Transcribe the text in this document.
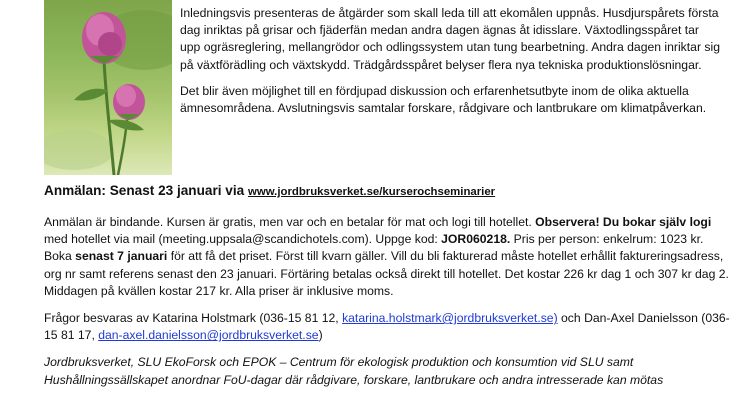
Inledningsvis presenteras de åtgärder som skall leda till att ekomålen uppnås. Husdjurspårets första dag inriktas på grisar och fjäderfän medan andra dagen ägnas åt idisslare. Växtodlingsspåret tar upp ogräsreglering, mellangrödor och odlingssystem utan tung bearbetning. Andra dagen inriktar sig på växtförädling och växtskydd. Trädgårdsspåret belyser flera nya tekniska produktionslösningar.

Det blir även möjlighet till en fördjupad diskussion och erfarenhetsutbyte inom de olika aktuella ämnesområdena. Avslutningsvis samtalar forskare, rådgivare och lantbrukare om klimatpåverkan.

Anmälan: Senast 23 januari via www.jordbruksverket.se/kurserochseminarier

Anmälan är bindande. Kursen är gratis, men var och en betalar för mat och logi till hotellet. Observera! Du bokar själv logi med hotellet via mail (meeting.uppsala@scandichotels.com). Uppge kod: JOR060218. Pris per person: enkelrum: 1023 kr. Boka senast 7 januari för att få det priset. Först till kvarn gäller. Vill du bli fakturerad måste hotellet erhållit faktureringsadress, org nr samt referens senast den 23 januari. Förtäring betalas också direkt till hotellet. Det kostar 226 kr dag 1 och 307 kr dag 2. Middagen på kvällen kostar 217 kr. Alla priser är inklusive moms.

Frågor besvaras av Katarina Holstmark (036-15 81 12, katarina.holstmark@jordbruksverket.se) och Dan-Axel Danielsson (036-15 81 17, dan-axel.danielsson@jordbruksverket.se)

Jordbruksverket, SLU EkoForsk och EPOK – Centrum för ekologisk produktion och konsumtion vid SLU samt Hushållningssällskapet anordnar FoU-dagar där rådgivare, forskare, lantbrukare och andra intresserade kan mötas
